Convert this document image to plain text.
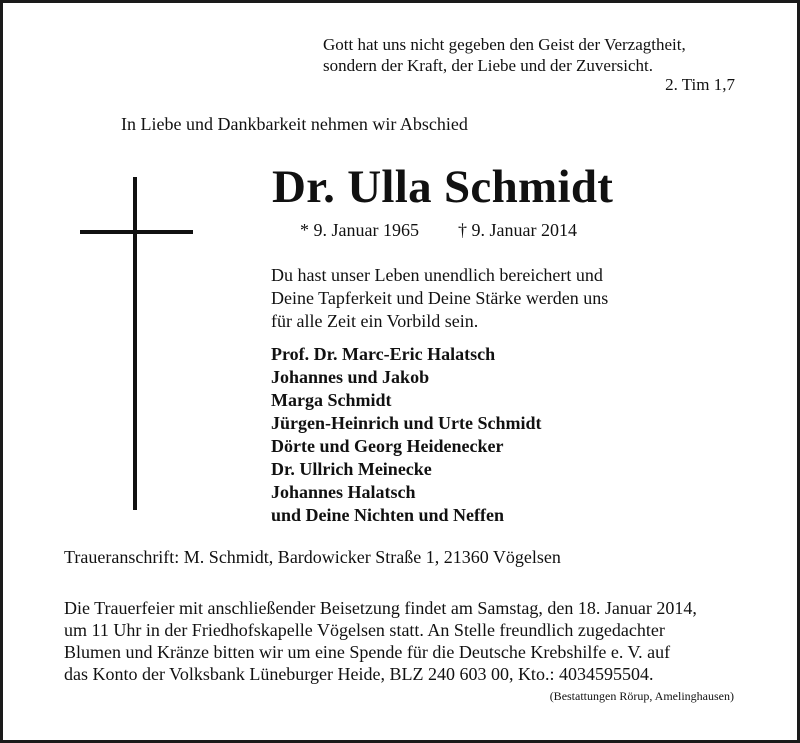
Gott hat uns nicht gegeben den Geist der Verzagtheit,
sondern der Kraft, der Liebe und der Zuversicht.
2. Tim 1,7
In Liebe und Dankbarkeit nehmen wir Abschied
Dr. Ulla Schmidt
* 9. Januar 1965 † 9. Januar 2014
Du hast unser Leben unendlich bereichert und
Deine Tapferkeit und Deine Stärke werden uns
für alle Zeit ein Vorbild sein.
Prof. Dr. Marc-Eric Halatsch
Johannes und Jakob
Marga Schmidt
Jürgen-Heinrich und Urte Schmidt
Dörte und Georg Heidenecker
Dr. Ullrich Meinecke
Johannes Halatsch
und Deine Nichten und Neffen
Traueranschrift: M. Schmidt, Bardowicker Straße 1, 21360 Vögelsen
Die Trauerfeier mit anschließender Beisetzung findet am Samstag, den 18. Januar 2014,
um 11 Uhr in der Friedhofskapelle Vögelsen statt. An Stelle freundlich zugedachter
Blumen und Kränze bitten wir um eine Spende für die Deutsche Krebshilfe e. V. auf
das Konto der Volksbank Lüneburger Heide, BLZ 240 603 00, Kto.: 4034595504.
(Bestattungen Rörup, Amelinghausen)
